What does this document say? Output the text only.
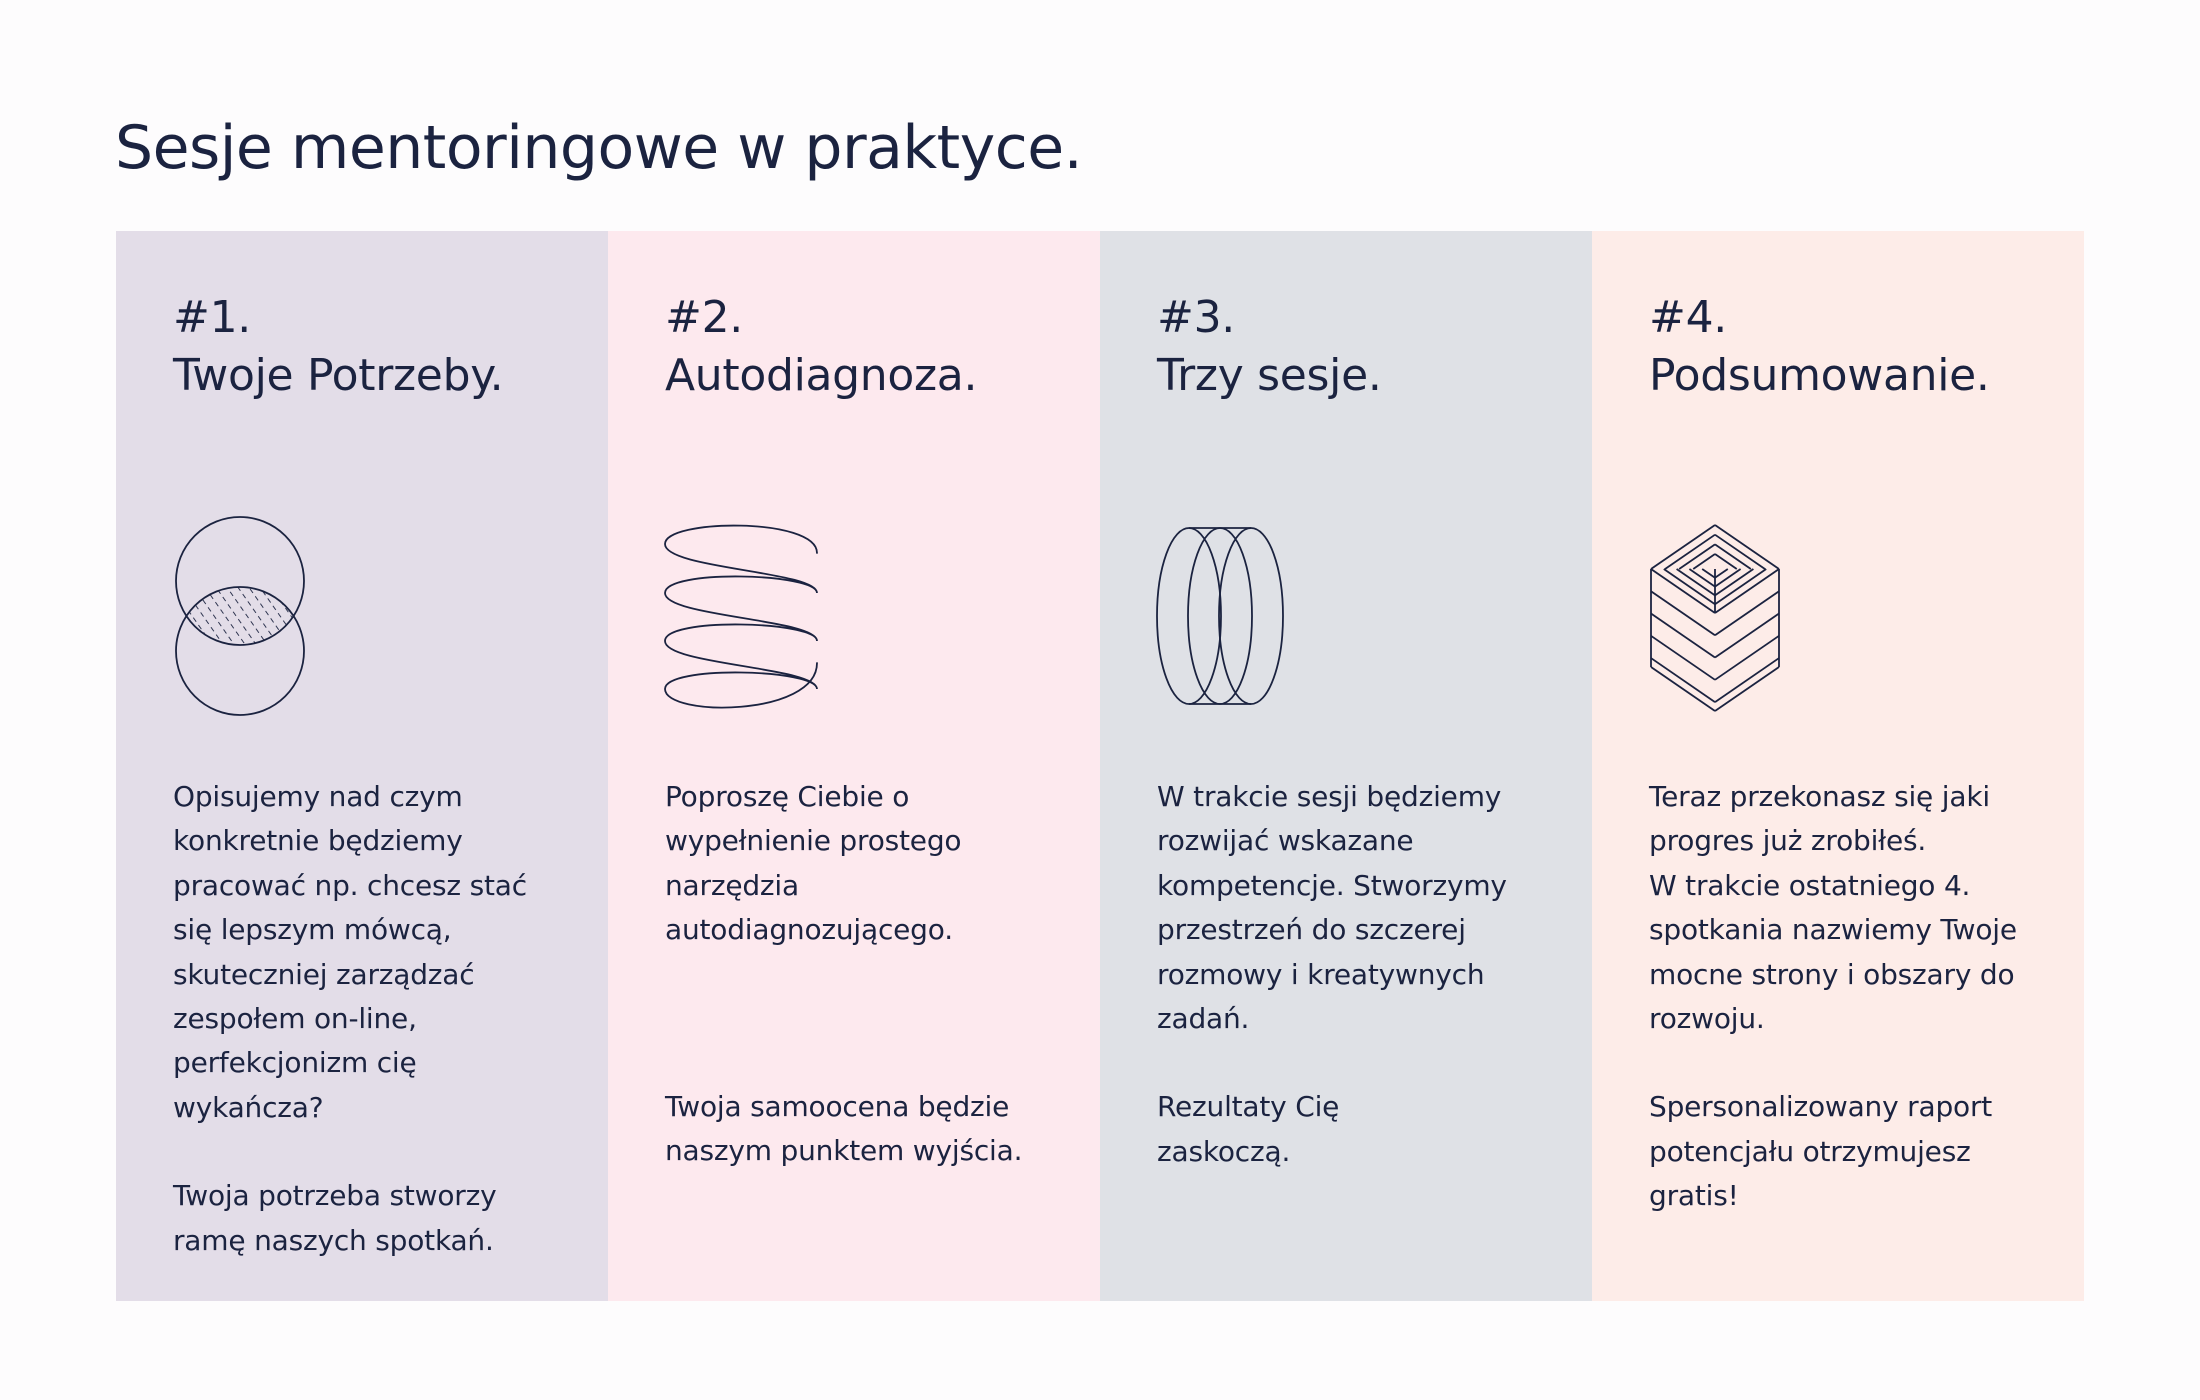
Sesje mentoringowe w praktyce.
#1.
Twoje Potrzeby.

Opisujemy nad czym
konkretnie będziemy
pracować np. chcesz stać
się lepszym mówcą,
skuteczniej zarządzać
zespołem on-line,
perfekcjonizm cię
wykańcza?

Twoja potrzeba stworzy
ramę naszych spotkań.

#2.
Autodiagnoza.

Poproszę Ciebie o
wypełnienie prostego
narzędzia
autodiagnozującego.

Twoja samoocena będzie
naszym punktem wyjścia.

#3.
Trzy sesje.

W trakcie sesji będziemy
rozwijać wskazane
kompetencje. Stworzymy
przestrzeń do szczerej
rozmowy i kreatywnych
zadań.

Rezultaty Cię
zaskoczą.

#4.
Podsumowanie.

Teraz przekonasz się jaki
progres już zrobiłeś.
W trakcie ostatniego 4.
spotkania nazwiemy Twoje
mocne strony i obszary do
rozwoju.

Spersonalizowany raport
potencjału otrzymujesz
gratis!
